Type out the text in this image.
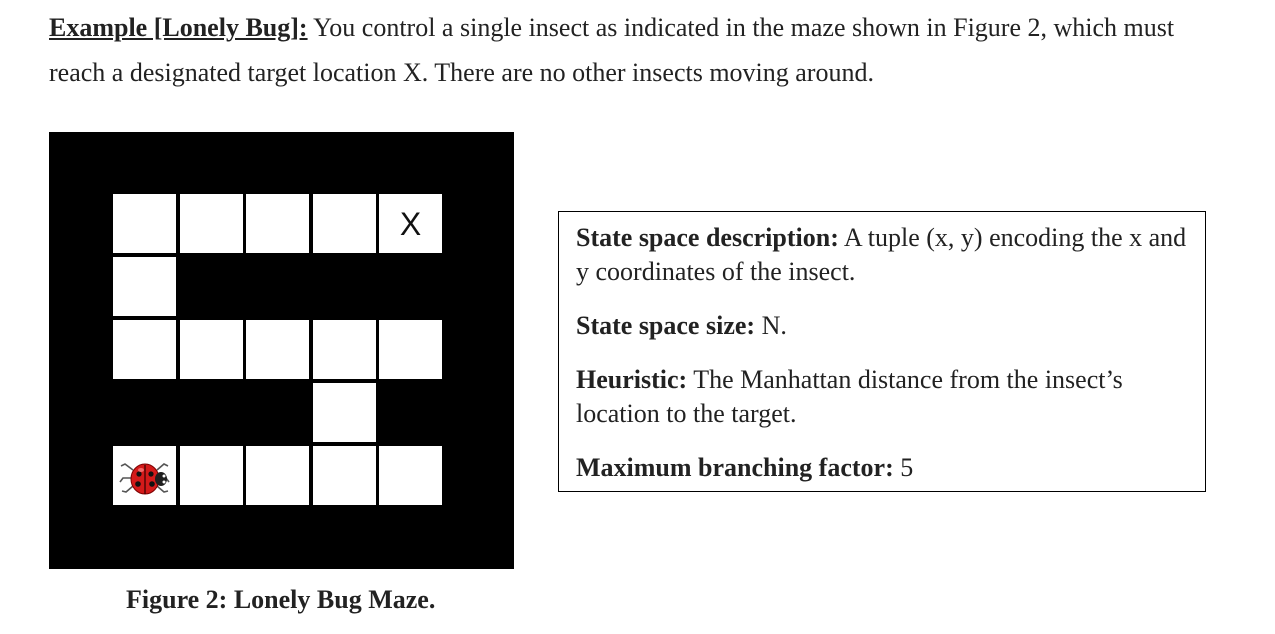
Example [Lonely Bug]: You control a single insect as indicated in the maze shown in Figure 2, which must reach a designated target location X. There are no other insects moving around.

X

Figure 2: Lonely Bug Maze.

State space description: A tuple (x, y) encoding the x and y coordinates of the insect.

State space size: N.

Heuristic: The Manhattan distance from the insect’s location to the target.

Maximum branching factor: 5
